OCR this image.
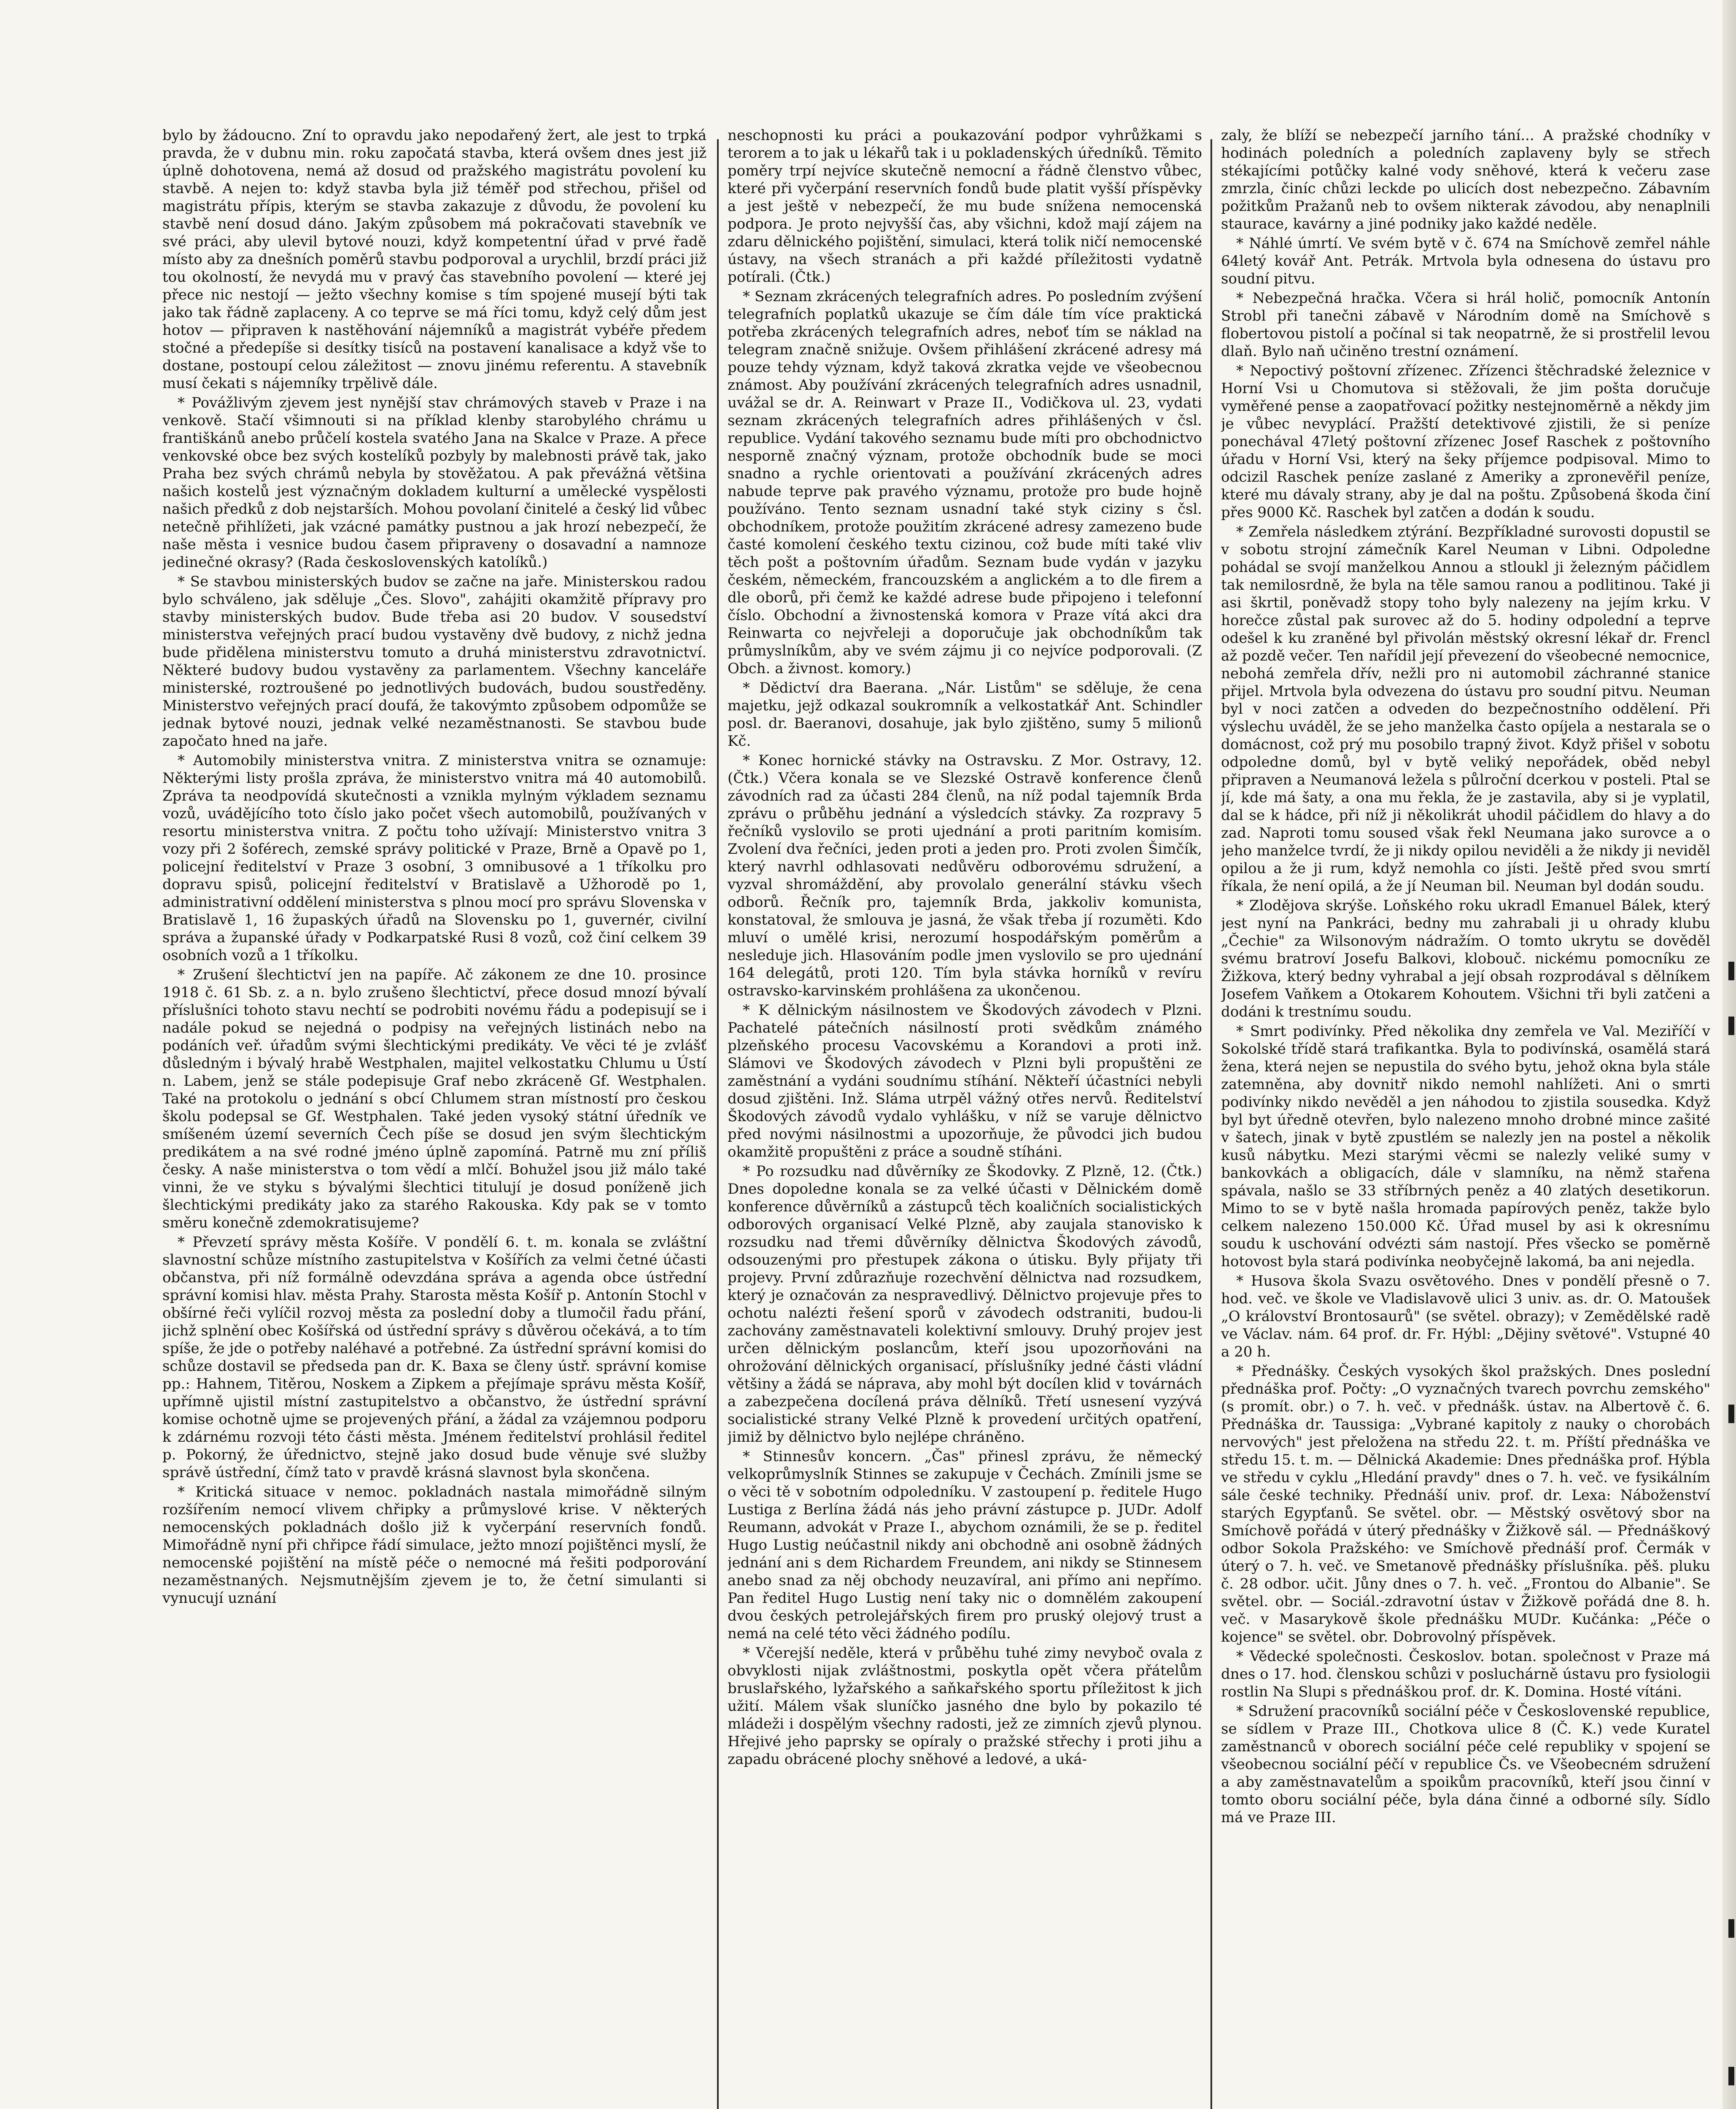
bylo by žádoucno. Zní to opravdu jako nepodařený žert, ale jest to trpká pravda, že v dubnu min. roku započatá stavba, která ovšem dnes jest již úplně dohotovena, nemá až dosud od pražského magistrátu povolení ku stavbě. A nejen to: když stavba byla již téměř pod střechou, přišel od magistrátu přípis, kterým se stavba zakazuje z důvodu, že povolení ku stavbě není dosud dáno. Jakým způsobem má pokračovati stavebník ve své práci, aby ulevil bytové nouzi, když kompetentní úřad v prvé řadě místo aby za dnešních poměrů stavbu podporoval a urychlil, brzdí práci již tou okolností, že nevydá mu v pravý čas stavebního povolení — které jej přece nic nestojí — ježto všechny komise s tím spojené musejí býti tak jako tak řádně zaplaceny. A co teprve se má říci tomu, když celý dům jest hotov — připraven k nastěhování nájemníků a magistrát vybéře předem stočné a předepíše si desítky tisíců na postavení kanalisace a když vše to dostane, postoupí celou záležitost — znovu jinému referentu. A stavebník musí čekati s nájemníky trpělivě dále.

* Povážlivým zjevem jest nynější stav chrámových staveb v Praze i na venkově. Stačí všimnouti si na příklad klenby starobylého chrámu u františkánů anebo průčelí kostela svatého Jana na Skalce v Praze. A přece venkovské obce bez svých kostelíků pozbyly by malebnosti právě tak, jako Praha bez svých chrámů nebyla by stověžatou. A pak převážná většina našich kostelů jest význačným dokladem kulturní a umělecké vyspělosti našich předků z dob nejstarších. Mohou povolaní činitelé a český lid vůbec netečně přihlížeti, jak vzácné památky pustnou a jak hrozí nebezpečí, že naše města i vesnice budou časem připraveny o dosavadní a namnoze jedinečné okrasy? (Rada československých katolíků.)

* Se stavbou ministerských budov se začne na jaře. Ministerskou radou bylo schváleno, jak sděluje „Čes. Slovo", zahájiti okamžitě přípravy pro stavby ministerských budov. Bude třeba asi 20 budov. V sousedství ministerstva veřejných prací budou vystavěny dvě budovy, z nichž jedna bude přidělena ministerstvu tomuto a druhá ministerstvu zdravotnictví. Některé budovy budou vystavěny za parlamentem. Všechny kanceláře ministerské, roztroušené po jednotlivých budovách, budou soustředěny. Ministerstvo veřejných prací doufá, že takovýmto způsobem odpomůže se jednak bytové nouzi, jednak velké nezaměstnanosti. Se stavbou bude započato hned na jaře.

* Automobily ministerstva vnitra. Z ministerstva vnitra se oznamuje: Některými listy prošla zpráva, že ministerstvo vnitra má 40 automobilů. Zpráva ta neodpovídá skutečnosti a vznikla mylným výkladem seznamu vozů, uvádějícího toto číslo jako počet všech automobilů, používaných v resortu ministerstva vnitra. Z počtu toho užívají: Ministerstvo vnitra 3 vozy při 2 šoférech, zemské správy politické v Praze, Brně a Opavě po 1, policejní ředitelství v Praze 3 osobní, 3 omnibusové a 1 tříkolku pro dopravu spisů, policejní ředitelství v Bratislavě a Užhorodě po 1, administrativní oddělení ministerstva s plnou mocí pro správu Slovenska v Bratislavě 1, 16 župaských úřadů na Slovensku po 1, guvernér, civilní správa a županské úřady v Podkarpatské Rusi 8 vozů, což činí celkem 39 osobních vozů a 1 tříkolku.

* Zrušení šlechtictví jen na papíře. Ač zákonem ze dne 10. prosince 1918 č. 61 Sb. z. a n. bylo zrušeno šlechtictví, přece dosud mnozí bývalí příslušníci tohoto stavu nechtí se podrobiti novému řádu a podepisují se i nadále pokud se nejedná o podpisy na veřejných listinách nebo na podáních veř. úřadům svými šlechtickými predikáty. Ve věci té je zvlášť důsledným i bývalý hrabě Westphalen, majitel velkostatku Chlumu u Ústí n. Labem, jenž se stále podepisuje Graf nebo zkráceně Gf. Westphalen. Také na protokolu o jednání s obcí Chlumem stran místností pro českou školu podepsal se Gf. Westphalen. Také jeden vysoký státní úředník ve smíšeném území severních Čech píše se dosud jen svým šlechtickým predikátem a na své rodné jméno úplně zapomíná. Patrně mu zní příliš česky. A naše ministerstva o tom vědí a mlčí. Bohužel jsou již málo také vinni, že ve styku s bývalými šlechtici titulují je dosud poníženě jich šlechtickými predikáty jako za starého Rakouska. Kdy pak se v tomto směru konečně zdemokratisujeme?

* Převzetí správy města Košíře. V pondělí 6. t. m. konala se zvláštní slavnostní schůze místního zastupitelstva v Košířích za velmi četné účasti občanstva, při níž formálně odevzdána správa a agenda obce ústřední správní komisi hlav. města Prahy. Starosta města Košíř p. Antonín Stochl v obšírné řeči vylíčil rozvoj města za poslední doby a tlumočil řadu přání, jichž splnění obec Košířská od ústřední správy s důvěrou očekává, a to tím spíše, že jde o potřeby naléhavé a potřebné. Za ústřední správní komisi do schůze dostavil se předseda pan dr. K. Baxa se členy ústř. správní komise pp.: Hahnem, Titěrou, Noskem a Zipkem a přejímaje správu města Košíř, upřímně ujistil místní zastupitelstvo a občanstvo, že ústřední správní komise ochotně ujme se projevených přání, a žádal za vzájemnou podporu k zdárnému rozvoji této části města. Jménem ředitelství prohlásil ředitel p. Pokorný, že úřednictvo, stejně jako dosud bude věnuje své služby správě ústřední, čímž tato v pravdě krásná slavnost byla skončena.

* Kritická situace v nemoc. pokladnách nastala mimořádně silným rozšířením nemocí vlivem chřipky a průmyslové krise. V některých nemocenských pokladnách došlo již k vyčerpání reservních fondů. Mimořádně nyní při chřipce řádí simulace, ježto mnozí pojištěnci myslí, že nemocenské pojištění na místě péče o nemocné má řešiti podporování nezaměstnaných. Nejsmutnějším zjevem je to, že četní simulanti si vynucují uznání

neschopnosti ku práci a poukazování podpor vyhrůžkami s terorem a to jak u lékařů tak i u pokladenských úředníků. Těmito poměry trpí nejvíce skutečně nemocní a řádně členstvo vůbec, které při vyčerpání reservních fondů bude platit vyšší příspěvky a jest ještě v nebezpečí, že mu bude snížena nemocenská podpora. Je proto nejvyšší čas, aby všichni, kdož mají zájem na zdaru dělnického pojištění, simulaci, která tolik ničí nemocenské ústavy, na všech stranách a při každé příležitosti vydatně potírali. (Čtk.)

* Seznam zkrácených telegrafních adres. Po posledním zvýšení telegrafních poplatků ukazuje se čím dále tím více praktická potřeba zkrácených telegrafních adres, neboť tím se náklad na telegram značně snižuje. Ovšem přihlášení zkrácené adresy má pouze tehdy význam, když taková zkratka vejde ve všeobecnou známost. Aby používání zkrácených telegrafních adres usnadnil, uvážal se dr. A. Reinwart v Praze II., Vodičkova ul. 23, vydati seznam zkrácených telegrafních adres přihlášených v čsl. republice. Vydání takového seznamu bude míti pro obchodnictvo nesporně značný význam, protože obchodník bude se moci snadno a rychle orientovati a používání zkrácených adres nabude teprve pak pravého významu, protože pro bude hojně používáno. Tento seznam usnadní také styk ciziny s čsl. obchodníkem, protože použitím zkrácené adresy zamezeno bude časté komolení českého textu cizinou, což bude míti také vliv těch pošt a poštovním úřadům. Seznam bude vydán v jazyku českém, německém, francouzském a anglickém a to dle firem a dle oborů, při čemž ke každé adrese bude připojeno i telefonní číslo. Obchodní a živnostenská komora v Praze vítá akci dra Reinwarta co nejvřeleji a doporučuje jak obchodníkům tak průmyslníkům, aby ve svém zájmu ji co nejvíce podporovali. (Z Obch. a živnost. komory.)

* Dědictví dra Baerana. „Nár. Listům" se sděluje, že cena majetku, jejž odkazal soukromník a velkostatkář Ant. Schindler posl. dr. Baeranovi, dosahuje, jak bylo zjištěno, sumy 5 milionů Kč.

* Konec hornické stávky na Ostravsku. Z Mor. Ostravy, 12. (Čtk.) Včera konala se ve Slezské Ostravě konference členů závodních rad za účasti 284 členů, na níž podal tajemník Brda zprávu o průběhu jednání a výsledcích stávky. Za rozpravy 5 řečníků vyslovilo se proti ujednání a proti paritním komisím. Zvolení dva řečníci, jeden proti a jeden pro. Proti zvolen Šimčík, který navrhl odhlasovati nedůvěru odborovému sdružení, a vyzval shromáždění, aby provolalo generální stávku všech odborů. Řečník pro, tajemník Brda, jakkoliv komunista, konstatoval, že smlouva je jasná, že však třeba jí rozuměti. Kdo mluví o umělé krisi, nerozumí hospodářským poměrům a nesleduje jich. Hlasováním podle jmen vyslovilo se pro ujednání 164 delegátů, proti 120. Tím byla stávka horníků v revíru ostravsko-karvinském prohlášena za ukončenou.

* K dělnickým násilnostem ve Škodových závodech v Plzni. Pachatelé pátečních násilností proti svědkům známého plzeňského procesu Vacovskému a Korandovi a proti inž. Slámovi ve Škodových závodech v Plzni byli propuštěni ze zaměstnání a vydáni soudnímu stíhání. Někteří účastníci nebyli dosud zjištěni. Inž. Sláma utrpěl vážný otřes nervů. Ředitelství Škodových závodů vydalo vyhlášku, v níž se varuje dělnictvo před novými násilnostmi a upozorňuje, že původci jich budou okamžitě propuštěni z práce a soudně stíháni.

* Po rozsudku nad důvěrníky ze Škodovky. Z Plzně, 12. (Čtk.) Dnes dopoledne konala se za velké účasti v Dělnickém domě konference důvěrníků a zástupců těch koaličních socialistických odborových organisací Velké Plzně, aby zaujala stanovisko k rozsudku nad třemi důvěrníky dělnictva Škodových závodů, odsouzenými pro přestupek zákona o útisku. Byly přijaty tři projevy. První zdůrazňuje rozechvění dělnictva nad rozsudkem, který je označován za nespravedlivý. Dělnictvo projevuje přes to ochotu nalézti řešení sporů v závodech odstraniti, budou-li zachovány zaměstnavateli kolektivní smlouvy. Druhý projev jest určen dělnickým poslancům, kteří jsou upozorňováni na ohrožování dělnických organisací, příslušníky jedné části vládní většiny a žádá se náprava, aby mohl být docílen klid v továrnách a zabezpečena docílená práva dělníků. Třetí usnesení vyzývá socialistické strany Velké Plzně k provedení určitých opatření, jimiž by dělnictvo bylo nejlépe chráněno.

* Stinnesův koncern. „Čas" přinesl zprávu, že německý velkoprůmyslník Stinnes se zakupuje v Čechách. Zmínili jsme se o věci tě v sobotním odpoledníku. V zastoupení p. ředitele Hugo Lustiga z Berlína žádá nás jeho právní zástupce p. JUDr. Adolf Reumann, advokát v Praze I., abychom oznámili, že se p. ředitel Hugo Lustig neúčastnil nikdy ani obchodně ani osobně žádných jednání ani s dem Richardem Freundem, ani nikdy se Stinnesem anebo snad za něj obchody neuzavíral, ani přímo ani nepřímo. Pan ředitel Hugo Lustig není taky nic o domnělém zakoupení dvou českých petrolejářských firem pro pruský olejový trust a nemá na celé této věci žádného podílu.

* Včerejší neděle, která v průběhu tuhé zimy nevyboč ovala z obvyklosti nijak zvláštnostmi, poskytla opět včera přátelům bruslařského, lyžařského a saňkařského sportu příležitost k jich užití. Málem však sluníčko jasného dne bylo by pokazilo té mládeži i dospělým všechny radosti, jež ze zimních zjevů plynou. Hřejivé jeho paprsky se opíraly o pražské střechy i proti jihu a zapadu obrácené plochy sněhové a ledové, a uká-

zaly, že blíží se nebezpečí jarního tání... A pražské chodníky v hodinách poledních a poledních zaplaveny byly se střech stékajícími potůčky kalné vody sněhové, která k večeru zase zmrzla, činíc chůzi leckde po ulicích dost nebezpečno. Zábavním požitkům Pražanů neb to ovšem nikterak závodou, aby nenaplnili staurace, kavárny a jiné podniky jako každé neděle.

* Náhlé úmrtí. Ve svém bytě v č. 674 na Smíchově zemřel náhle 64letý kovář Ant. Petrák. Mrtvola byla odnesena do ústavu pro soudní pitvu.

* Nebezpečná hračka. Včera si hrál holič, pomocník Antonín Strobl při tanečni zábavě v Národním domě na Smíchově s flobertovou pistolí a počínal si tak neopatrně, že si prostřelil levou dlaň. Bylo naň učiněno trestní oznámení.

* Nepoctivý poštovní zřízenec. Zřízenci štěchradské železnice v Horní Vsi u Chomutova si stěžovali, že jim pošta doručuje vyměřené pense a zaopatřovací požitky nestejnoměrně a někdy jim je vůbec nevyplácí. Pražští detektivové zjistili, že si peníze ponechával 47letý poštovní zřízenec Josef Raschek z poštovního úřadu v Horní Vsi, který na šeky příjemce podpisoval. Mimo to odcizil Raschek peníze zaslané z Ameriky a zpronevěřil peníze, které mu dávaly strany, aby je dal na poštu. Způsobená škoda činí přes 9000 Kč. Raschek byl zatčen a dodán k soudu.

* Zemřela následkem ztýrání. Bezpříkladné surovosti dopustil se v sobotu strojní zámečník Karel Neuman v Libni. Odpoledne pohádal se svojí manželkou Annou a stloukl ji železným páčidlem tak nemilosrdně, že byla na těle samou ranou a podlitinou. Také ji asi škrtil, poněvadž stopy toho byly nalezeny na jejím krku. V horečce zůstal pak surovec až do 5. hodiny odpolední a teprve odešel k ku zraněné byl přivolán městský okresní lékař dr. Frencl až pozdě večer. Ten nařídil její převezení do všeobecné nemocnice, nebohá zemřela dřív, nežli pro ni automobil záchranné stanice přijel. Mrtvola byla odvezena do ústavu pro soudní pitvu. Neuman byl v noci zatčen a odveden do bezpečnostního oddělení. Při výslechu uváděl, že se jeho manželka často opíjela a nestarala se o domácnost, což prý mu posobilo trapný život. Když přišel v sobotu odpoledne domů, byl v bytě veliký nepořádek, oběd nebyl připraven a Neumanová ležela s půlroční dcerkou v posteli. Ptal se jí, kde má šaty, a ona mu řekla, že je zastavila, aby si je vyplatil, dal se k hádce, při níž ji několikrát uhodil páčidlem do hlavy a do zad. Naproti tomu soused však řekl Neumana jako surovce a o jeho manželce tvrdí, že ji nikdy opilou neviděli a že nikdy ji neviděl opilou a že ji rum, když nemohla co jísti. Ještě před svou smrtí říkala, že není opilá, a že jí Neuman bil. Neuman byl dodán soudu.

* Zlodějova skrýše. Loňského roku ukradl Emanuel Bálek, který jest nyní na Pankráci, bedny mu zahrabali ji u ohrady klubu „Čechie" za Wilsonovým nádražím. O tomto ukrytu se dověděl svému bratroví Josefu Balkovi, klobouč. nickému pomocníku ze Žižkova, který bedny vyhrabal a její obsah rozprodával s dělníkem Josefem Vaňkem a Otokarem Kohoutem. Všichni tři byli zatčeni a dodáni k trestnímu soudu.

* Smrt podivínky. Před několika dny zemřela ve Val. Meziříčí v Sokolské třídě stará trafikantka. Byla to podivínská, osamělá stará žena, která nejen se nepustila do svého bytu, jehož okna byla stále zatemněna, aby dovnitř nikdo nemohl nahlížeti. Ani o smrti podivínky nikdo nevěděl a jen náhodou to zjistila sousedka. Když byl byt úředně otevřen, bylo nalezeno mnoho drobné mince zašité v šatech, jinak v bytě zpustlém se nalezly jen na postel a několik kusů nábytku. Mezi starými věcmi se nalezly veliké sumy v bankovkách a obligacích, dále v slamníku, na němž stařena spávala, našlo se 33 stříbrných peněz a 40 zlatých desetikorun. Mimo to se v bytě našla hromada papírových peněz, takže bylo celkem nalezeno 150.000 Kč. Úřad musel by asi k okresnímu soudu k uschování odvézti sám nastojí. Přes všecko se poměrně hotovost byla stará podivínka neobyčejně lakomá, ba ani nejedla.

* Husova škola Svazu osvětového. Dnes v pondělí přesně o 7. hod. več. ve škole ve Vladislavově ulici 3 univ. as. dr. O. Matoušek „O království Brontosaurů" (se světel. obrazy); v Zemědělské radě ve Václav. nám. 64 prof. dr. Fr. Hýbl: „Dějiny světové". Vstupné 40 a 20 h.

* Přednášky. Českých vysokých škol pražských. Dnes poslední přednáška prof. Počty: „O vyznačných tvarech povrchu zemského" (s promít. obr.) o 7. h. več. v přednášk. ústav. na Albertově č. 6. Přednáška dr. Taussiga: „Vybrané kapitoly z nauky o chorobách nervových" jest přeložena na středu 22. t. m. Příští přednáška ve středu 15. t. m. — Dělnická Akademie: Dnes přednáška prof. Hýbla ve středu v cyklu „Hledání pravdy" dnes o 7. h. več. ve fysikálním sále české techniky. Přednáší univ. prof. dr. Lexa: Náboženství starých Egypťanů. Se světel. obr. — Městský osvětový sbor na Smíchově pořádá v úterý přednášky v Žižkově sál. — Přednáškový odbor Sokola Pražského: ve Smíchově přednáší prof. Čermák v úterý o 7. h. več. ve Smetanově přednášky příslušníka. pěš. pluku č. 28 odbor. učit. Jůny dnes o 7. h. več. „Frontou do Albanie". Se světel. obr. — Sociál.-zdravotní ústav v Žižkově pořádá dne 8. h. več. v Masarykově škole přednášku MUDr. Kučánka: „Péče o kojence" se světel. obr. Dobrovolný příspěvek.

* Vědecké společnosti. Českoslov. botan. společnost v Praze má dnes o 17. hod. členskou schůzi v posluchárně ústavu pro fysiologii rostlin Na Slupi s přednáškou prof. dr. K. Domina. Hosté vítáni.

* Sdružení pracovníků sociální péče v Československé republice, se sídlem v Praze III., Chotkova ulice 8 (Č. K.) vede Kuratel zaměstnanců v oborech sociální péče celé republiky v spojení se všeobecnou sociální péčí v republice Čs. ve Všeobecném sdružení a aby zaměstnavatelům a spoikům pracovníků, kteří jsou činní v tomto oboru sociální péče, byla dána činné a odborné síly. Sídlo má ve Praze III.
